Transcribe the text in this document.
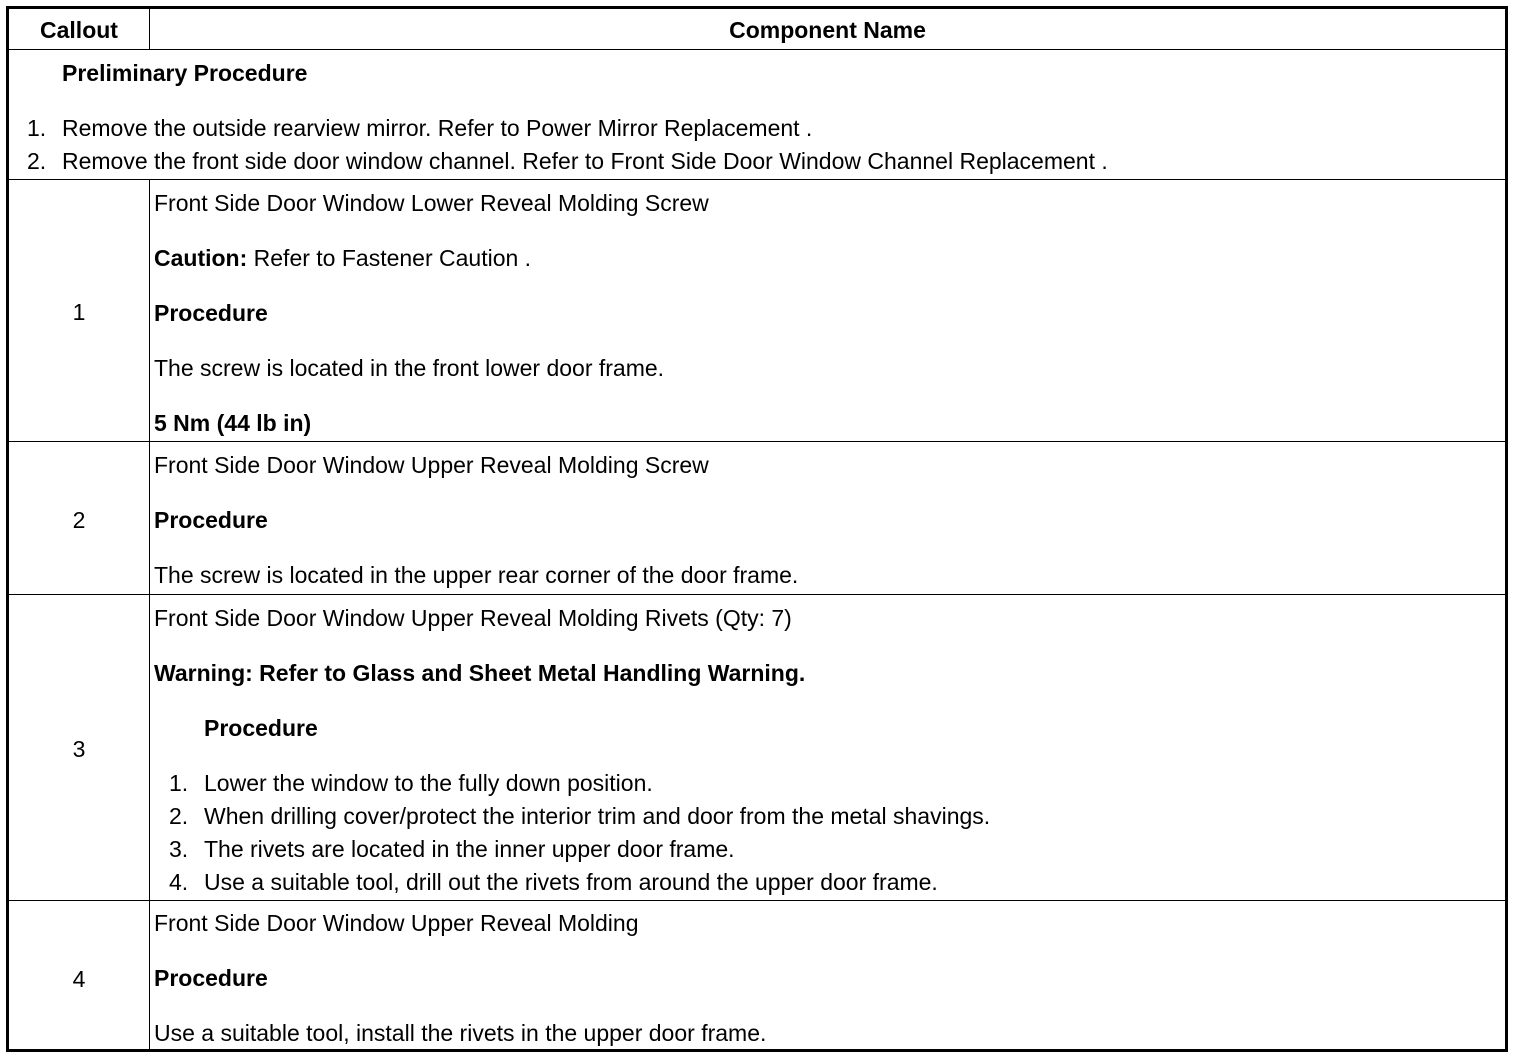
Callout	Component Name
Preliminary Procedure
1. Remove the outside rearview mirror. Refer to Power Mirror Replacement .
2. Remove the front side door window channel. Refer to Front Side Door Window Channel Replacement .
1
Front Side Door Window Lower Reveal Molding Screw
Caution: Refer to Fastener Caution .
Procedure
The screw is located in the front lower door frame.
5 Nm (44 lb in)
2
Front Side Door Window Upper Reveal Molding Screw
Procedure
The screw is located in the upper rear corner of the door frame.
3
Front Side Door Window Upper Reveal Molding Rivets (Qty: 7)
Warning: Refer to Glass and Sheet Metal Handling Warning.
Procedure
1. Lower the window to the fully down position.
2. When drilling cover/protect the interior trim and door from the metal shavings.
3. The rivets are located in the inner upper door frame.
4. Use a suitable tool, drill out the rivets from around the upper door frame.
4
Front Side Door Window Upper Reveal Molding
Procedure
Use a suitable tool, install the rivets in the upper door frame.
